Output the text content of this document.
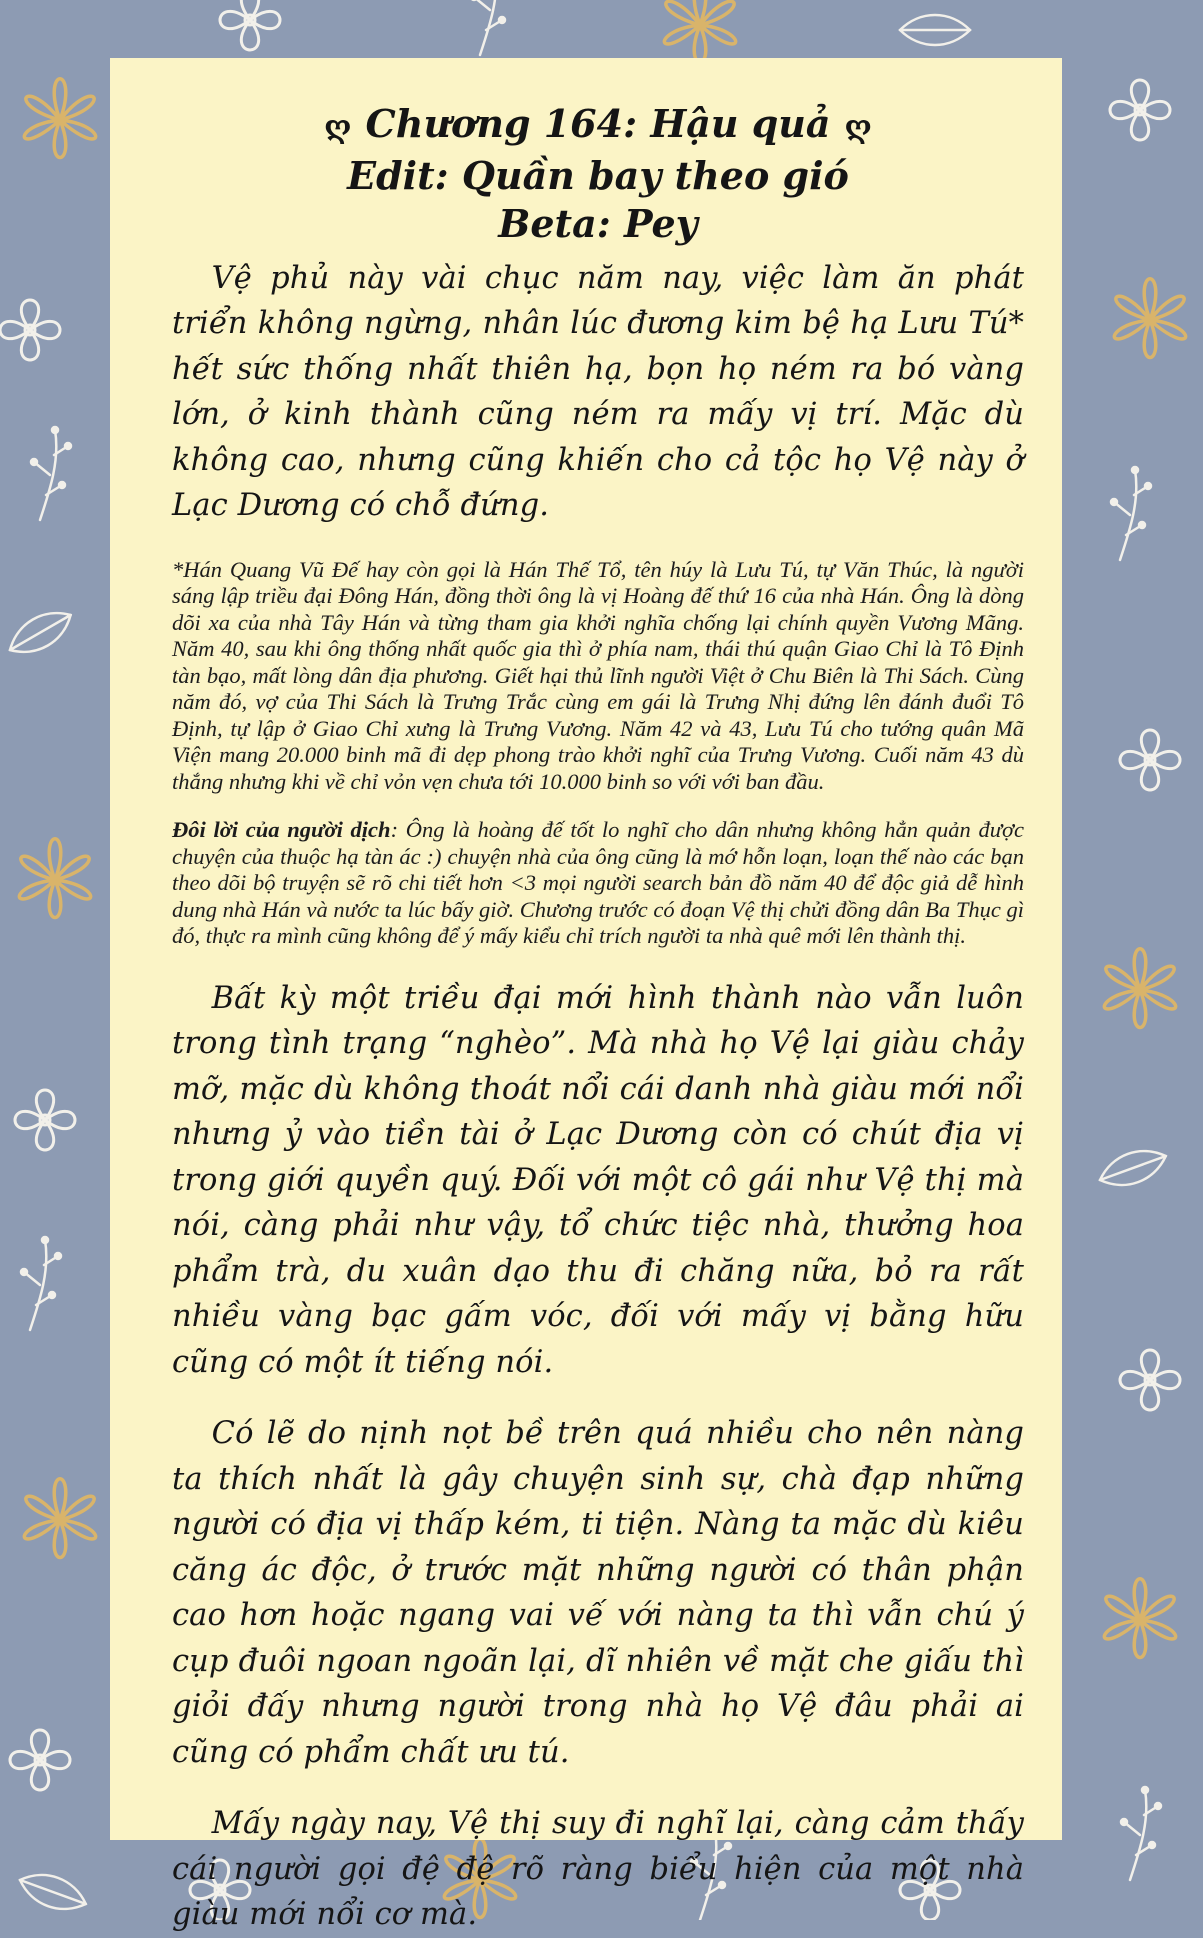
ღ Chương 164: Hậu quả ღ

Edit: Quần bay theo gió

Beta: Pey

Vệ phủ này vài chục năm nay, việc làm ăn phát triển không ngừng, nhân lúc đương kim bệ hạ Lưu Tú* hết sức thống nhất thiên hạ, bọn họ ném ra bó vàng lớn, ở kinh thành cũng ném ra mấy vị trí. Mặc dù không cao, nhưng cũng khiến cho cả tộc họ Vệ này ở Lạc Dương có chỗ đứng.

*Hán Quang Vũ Đế hay còn gọi là Hán Thế Tổ, tên húy là Lưu Tú, tự Văn Thúc, là người sáng lập triều đại Đông Hán, đồng thời ông là vị Hoàng đế thứ 16 của nhà Hán. Ông là dòng dõi xa của nhà Tây Hán và từng tham gia khởi nghĩa chống lại chính quyền Vương Mãng. Năm 40, sau khi ông thống nhất quốc gia thì ở phía nam, thái thú quận Giao Chỉ là Tô Định tàn bạo, mất lòng dân địa phương. Giết hại thủ lĩnh người Việt ở Chu Biên là Thi Sách. Cùng năm đó, vợ của Thi Sách là Trưng Trắc cùng em gái là Trưng Nhị đứng lên đánh đuổi Tô Định, tự lập ở Giao Chỉ xưng là Trưng Vương. Năm 42 và 43, Lưu Tú cho tướng quân Mã Viện mang 20.000 binh mã đi dẹp phong trào khởi nghĩ của Trưng Vương. Cuối năm 43 dù thắng nhưng khi về chỉ vỏn vẹn chưa tới 10.000 binh so với với ban đầu.

Đôi lời của người dịch: Ông là hoàng đế tốt lo nghĩ cho dân nhưng không hẳn quản được chuyện của thuộc hạ tàn ác :) chuyện nhà của ông cũng là mớ hỗn loạn, loạn thế nào các bạn theo dõi bộ truyện sẽ rõ chi tiết hơn <3 mọi người search bản đồ năm 40 để độc giả dễ hình dung nhà Hán và nước ta lúc bấy giờ. Chương trước có đoạn Vệ thị chửi đồng dân Ba Thục gì đó, thực ra mình cũng không để ý mấy kiểu chỉ trích người ta nhà quê mới lên thành thị.

Bất kỳ một triều đại mới hình thành nào vẫn luôn trong tình trạng “nghèo”. Mà nhà họ Vệ lại giàu chảy mỡ, mặc dù không thoát nổi cái danh nhà giàu mới nổi nhưng ỷ vào tiền tài ở Lạc Dương còn có chút địa vị trong giới quyền quý. Đối với một cô gái như Vệ thị mà nói, càng phải như vậy, tổ chức tiệc nhà, thưởng hoa phẩm trà, du xuân dạo thu đi chăng nữa, bỏ ra rất nhiều vàng bạc gấm vóc, đối với mấy vị bằng hữu cũng có một ít tiếng nói.

Có lẽ do nịnh nọt bề trên quá nhiều cho nên nàng ta thích nhất là gây chuyện sinh sự, chà đạp những người có địa vị thấp kém, ti tiện. Nàng ta mặc dù kiêu căng ác độc, ở trước mặt những người có thân phận cao hơn hoặc ngang vai vế với nàng ta thì vẫn chú ý cụp đuôi ngoan ngoãn lại, dĩ nhiên về mặt che giấu thì giỏi đấy nhưng người trong nhà họ Vệ đâu phải ai cũng có phẩm chất ưu tú.

Mấy ngày nay, Vệ thị suy đi nghĩ lại, càng cảm thấy cái người gọi đệ đệ rõ ràng biểu hiện của một nhà giàu mới nổi cơ mà.
